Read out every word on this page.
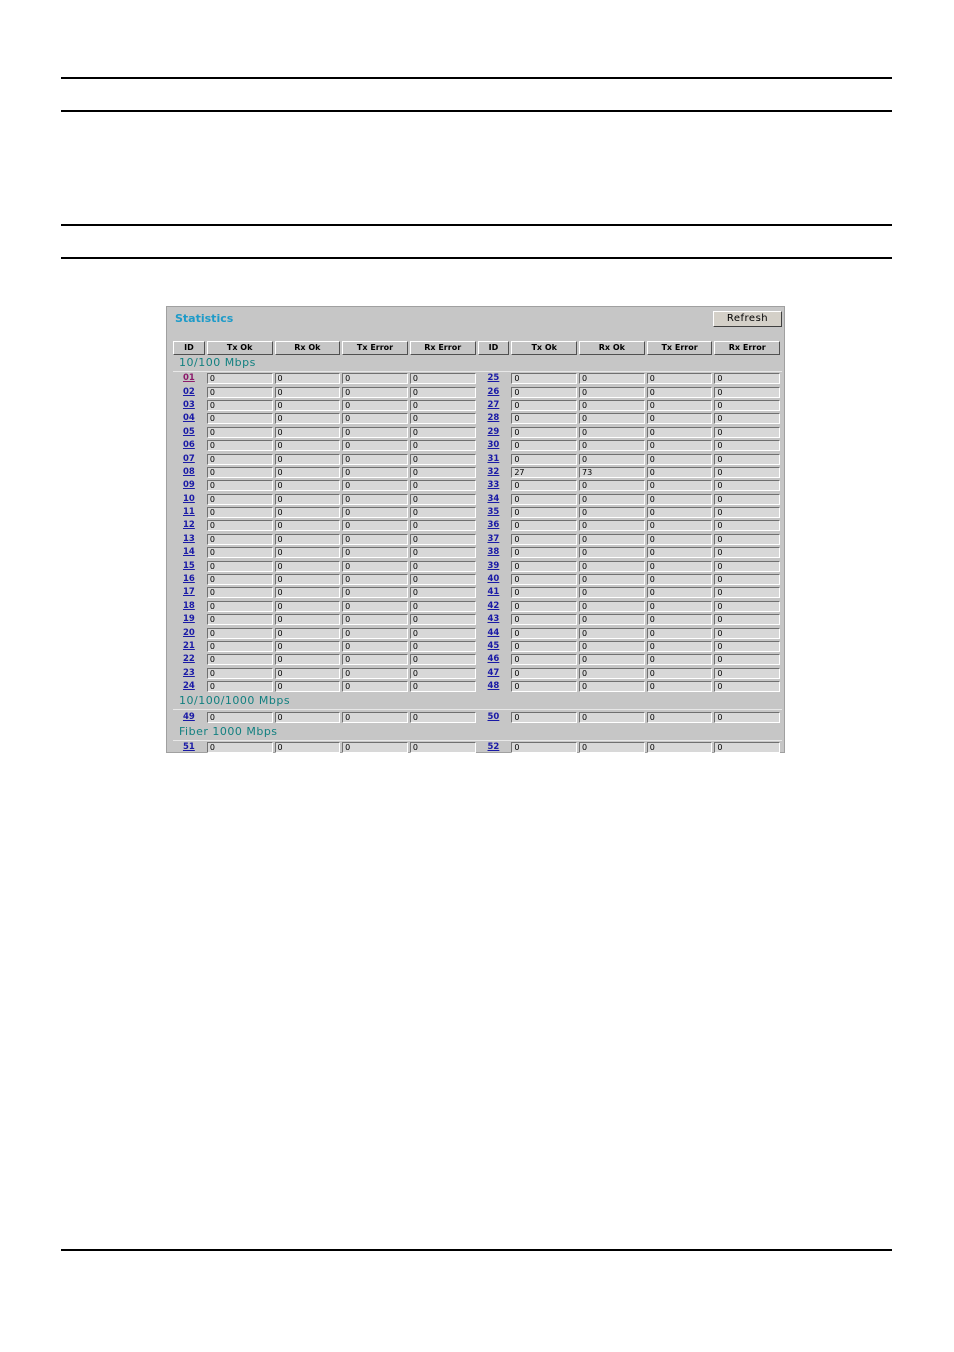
Statistics	Refresh
ID	Tx Ok	Rx Ok	Tx Error	Rx Error	ID	Tx Ok	Rx Ok	Tx Error	Rx Error
10/100 Mbps
01	0	0	0	0	25	0	0	0	0
02	0	0	0	0	26	0	0	0	0
03	0	0	0	0	27	0	0	0	0
04	0	0	0	0	28	0	0	0	0
05	0	0	0	0	29	0	0	0	0
06	0	0	0	0	30	0	0	0	0
07	0	0	0	0	31	0	0	0	0
08	0	0	0	0	32	27	73	0	0
09	0	0	0	0	33	0	0	0	0
10	0	0	0	0	34	0	0	0	0
11	0	0	0	0	35	0	0	0	0
12	0	0	0	0	36	0	0	0	0
13	0	0	0	0	37	0	0	0	0
14	0	0	0	0	38	0	0	0	0
15	0	0	0	0	39	0	0	0	0
16	0	0	0	0	40	0	0	0	0
17	0	0	0	0	41	0	0	0	0
18	0	0	0	0	42	0	0	0	0
19	0	0	0	0	43	0	0	0	0
20	0	0	0	0	44	0	0	0	0
21	0	0	0	0	45	0	0	0	0
22	0	0	0	0	46	0	0	0	0
23	0	0	0	0	47	0	0	0	0
24	0	0	0	0	48	0	0	0	0
10/100/1000 Mbps
49	0	0	0	0	50	0	0	0	0
Fiber 1000 Mbps
51	0	0	0	0	52	0	0	0	0
